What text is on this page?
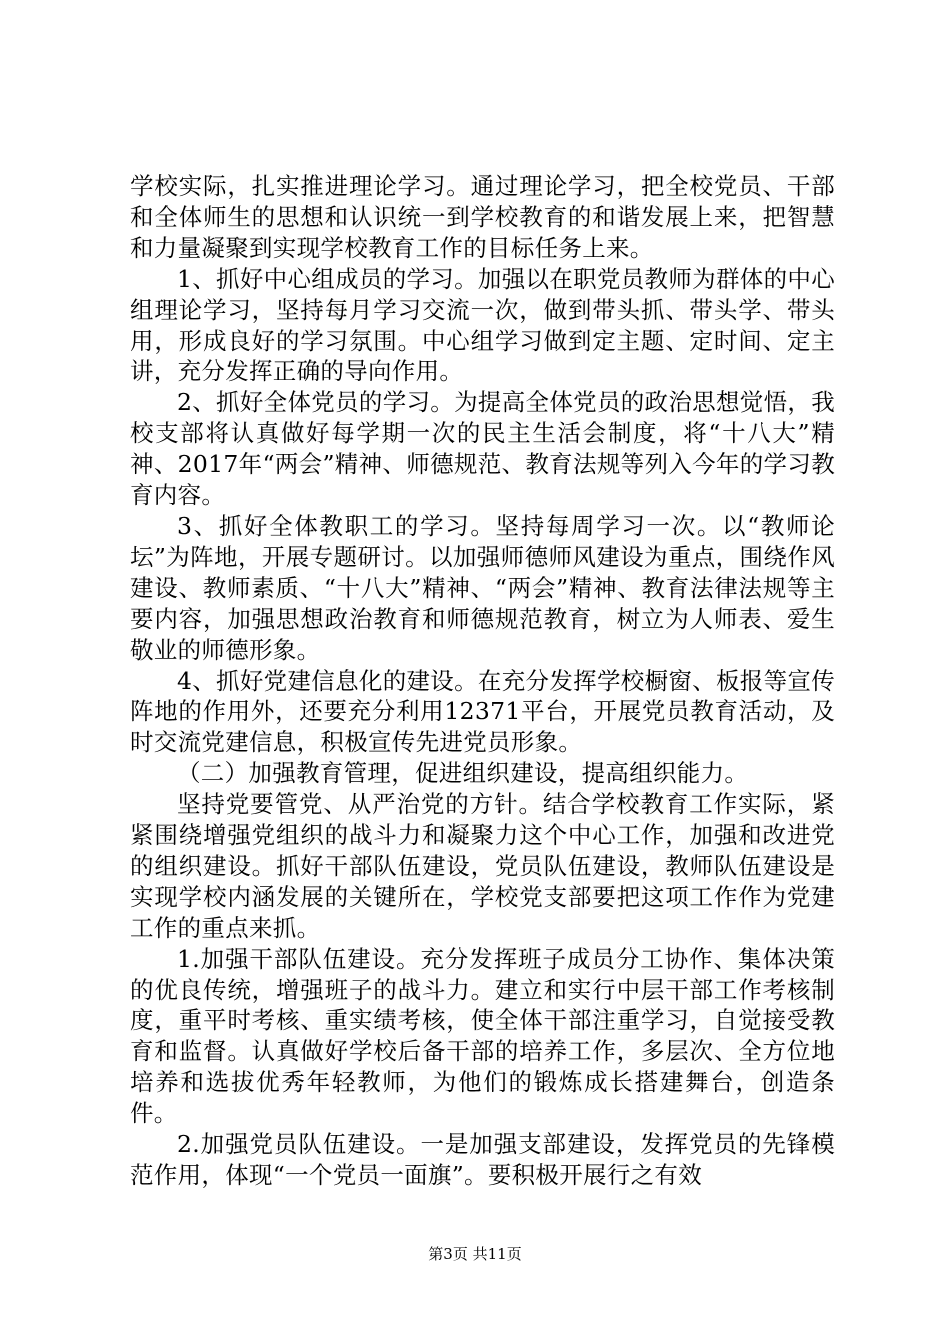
学校实际，扎实推进理论学习。通过理论学习，把全校党员、干部和全体师生的思想和认识统一到学校教育的和谐发展上来，把智慧和力量凝聚到实现学校教育工作的目标任务上来。

1、抓好中心组成员的学习。加强以在职党员教师为群体的中心组理论学习，坚持每月学习交流一次，做到带头抓、带头学、带头用，形成良好的学习氛围。中心组学习做到定主题、定时间、定主讲，充分发挥正确的导向作用。

2、抓好全体党员的学习。为提高全体党员的政治思想觉悟，我校支部将认真做好每学期一次的民主生活会制度，将“十八大”精神、2017年“两会”精神、师德规范、教育法规等列入今年的学习教育内容。

3、抓好全体教职工的学习。坚持每周学习一次。以“教师论坛”为阵地，开展专题研讨。以加强师德师风建设为重点，围绕作风建设、教师素质、“十八大”精神、“两会”精神、教育法律法规等主要内容，加强思想政治教育和师德规范教育，树立为人师表、爱生敬业的师德形象。

4、抓好党建信息化的建设。在充分发挥学校橱窗、板报等宣传阵地的作用外，还要充分利用12371平台，开展党员教育活动，及时交流党建信息，积极宣传先进党员形象。

（二）加强教育管理，促进组织建设，提高组织能力。

坚持党要管党、从严治党的方针。结合学校教育工作实际，紧紧围绕增强党组织的战斗力和凝聚力这个中心工作，加强和改进党的组织建设。抓好干部队伍建设，党员队伍建设，教师队伍建设是实现学校内涵发展的关键所在，学校党支部要把这项工作作为党建工作的重点来抓。

1.加强干部队伍建设。充分发挥班子成员分工协作、集体决策的优良传统，增强班子的战斗力。建立和实行中层干部工作考核制度，重平时考核、重实绩考核，使全体干部注重学习，自觉接受教育和监督。认真做好学校后备干部的培养工作，多层次、全方位地培养和选拔优秀年轻教师，为他们的锻炼成长搭建舞台，创造条件。

2.加强党员队伍建设。一是加强支部建设，发挥党员的先锋模范作用，体现“一个党员一面旗”。要积极开展行之有效

第3页 共11页
